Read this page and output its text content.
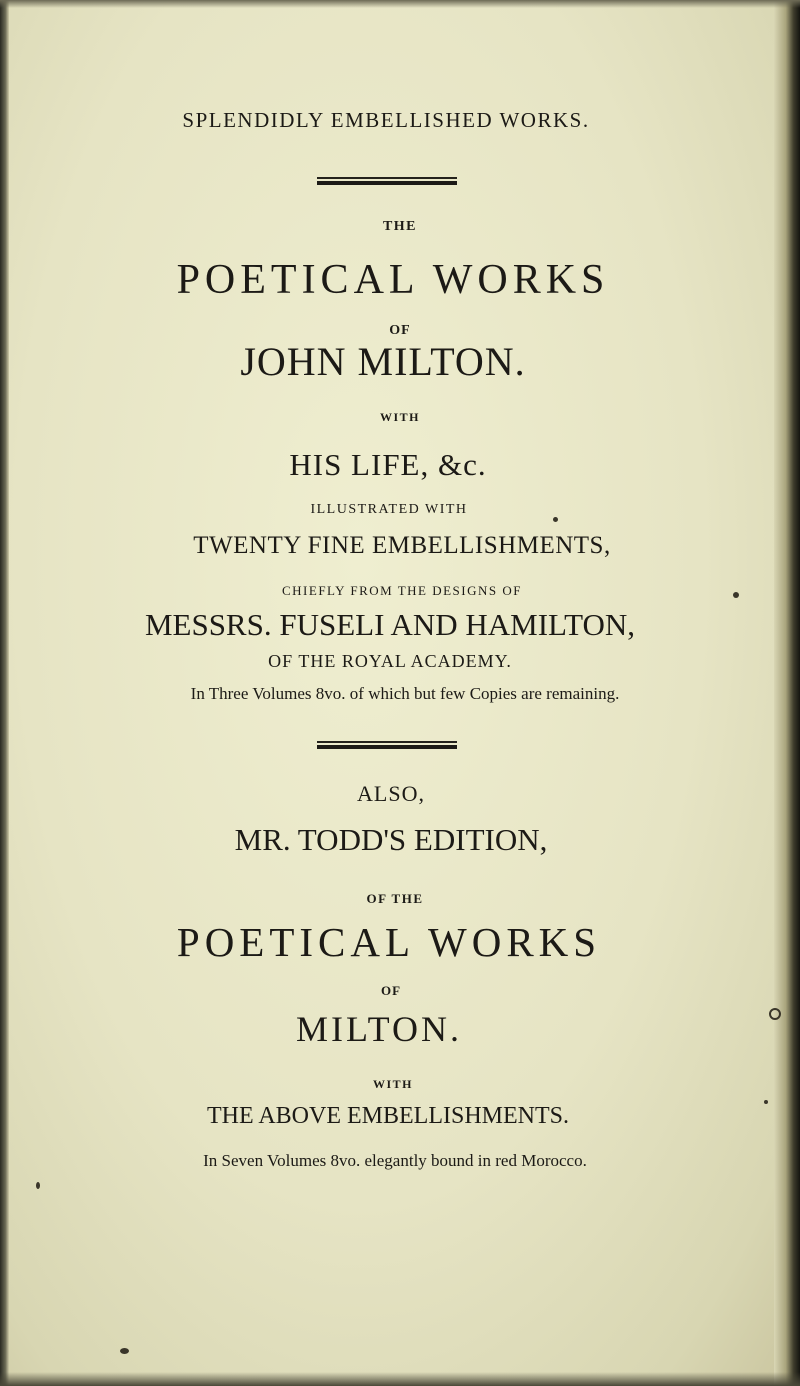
SPLENDIDLY EMBELLISHED WORKS.
THE
POETICAL WORKS
OF
JOHN MILTON.
WITH
HIS LIFE, &c.
ILLUSTRATED WITH
TWENTY FINE EMBELLISHMENTS,
CHIEFLY FROM THE DESIGNS OF
MESSRS. FUSELI AND HAMILTON,
OF THE ROYAL ACADEMY.
In Three Volumes 8vo. of which but few Copies are remaining.
ALSO,
MR. TODD'S EDITION,
OF THE
POETICAL WORKS
OF
MILTON.
WITH
THE ABOVE EMBELLISHMENTS.
In Seven Volumes 8vo. elegantly bound in red Morocco.
